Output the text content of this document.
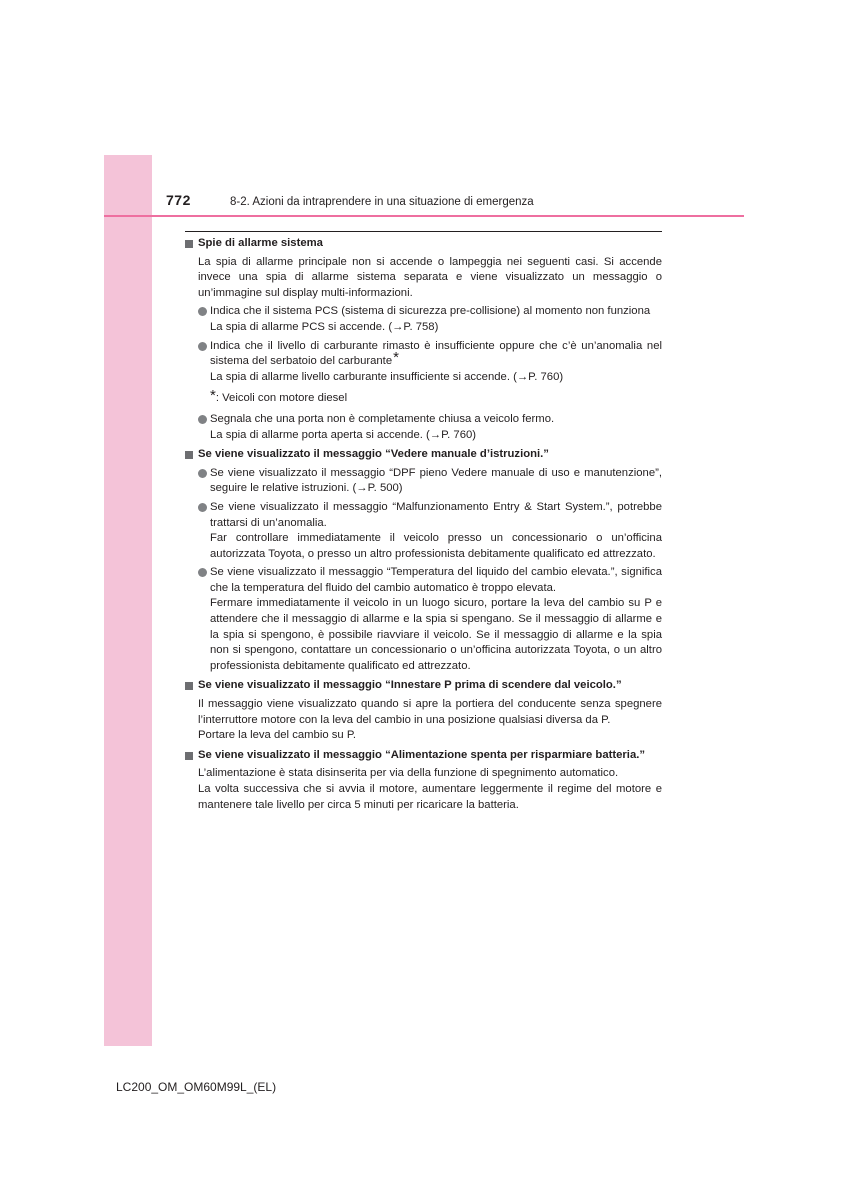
772	8-2. Azioni da intraprendere in una situazione di emergenza
Spie di allarme sistema
La spia di allarme principale non si accende o lampeggia nei seguenti casi. Si accende invece una spia di allarme sistema separata e viene visualizzato un messaggio o un’immagine sul display multi-informazioni.
Indica che il sistema PCS (sistema di sicurezza pre-collisione) al momento non funziona
La spia di allarme PCS si accende. (→P. 758)
Indica che il livello di carburante rimasto è insufficiente oppure che c’è un’anomalia nel sistema del serbatoio del carburante*
La spia di allarme livello carburante insufficiente si accende. (→P. 760)
*: Veicoli con motore diesel
Segnala che una porta non è completamente chiusa a veicolo fermo.
La spia di allarme porta aperta si accende. (→P. 760)
Se viene visualizzato il messaggio “Vedere manuale d’istruzioni.”
Se viene visualizzato il messaggio “DPF pieno Vedere manuale di uso e manutenzione”, seguire le relative istruzioni. (→P. 500)
Se viene visualizzato il messaggio “Malfunzionamento Entry & Start System.”, potrebbe trattarsi di un’anomalia.
Far controllare immediatamente il veicolo presso un concessionario o un’officina autorizzata Toyota, o presso un altro professionista debitamente qualificato ed attrezzato.
Se viene visualizzato il messaggio “Temperatura del liquido del cambio elevata.”, significa che la temperatura del fluido del cambio automatico è troppo elevata.
Fermare immediatamente il veicolo in un luogo sicuro, portare la leva del cambio su P e attendere che il messaggio di allarme e la spia si spengano. Se il messaggio di allarme e la spia si spengono, è possibile riavviare il veicolo. Se il messaggio di allarme e la spia non si spengono, contattare un concessionario o un’officina autorizzata Toyota, o un altro professionista debitamente qualificato ed attrezzato.
Se viene visualizzato il messaggio “Innestare P prima di scendere dal veicolo.”
Il messaggio viene visualizzato quando si apre la portiera del conducente senza spegnere l’interruttore motore con la leva del cambio in una posizione qualsiasi diversa da P.
Portare la leva del cambio su P.
Se viene visualizzato il messaggio “Alimentazione spenta per risparmiare batteria.”
L’alimentazione è stata disinserita per via della funzione di spegnimento automatico.
La volta successiva che si avvia il motore, aumentare leggermente il regime del motore e mantenere tale livello per circa 5 minuti per ricaricare la batteria.
LC200_OM_OM60M99L_(EL)
